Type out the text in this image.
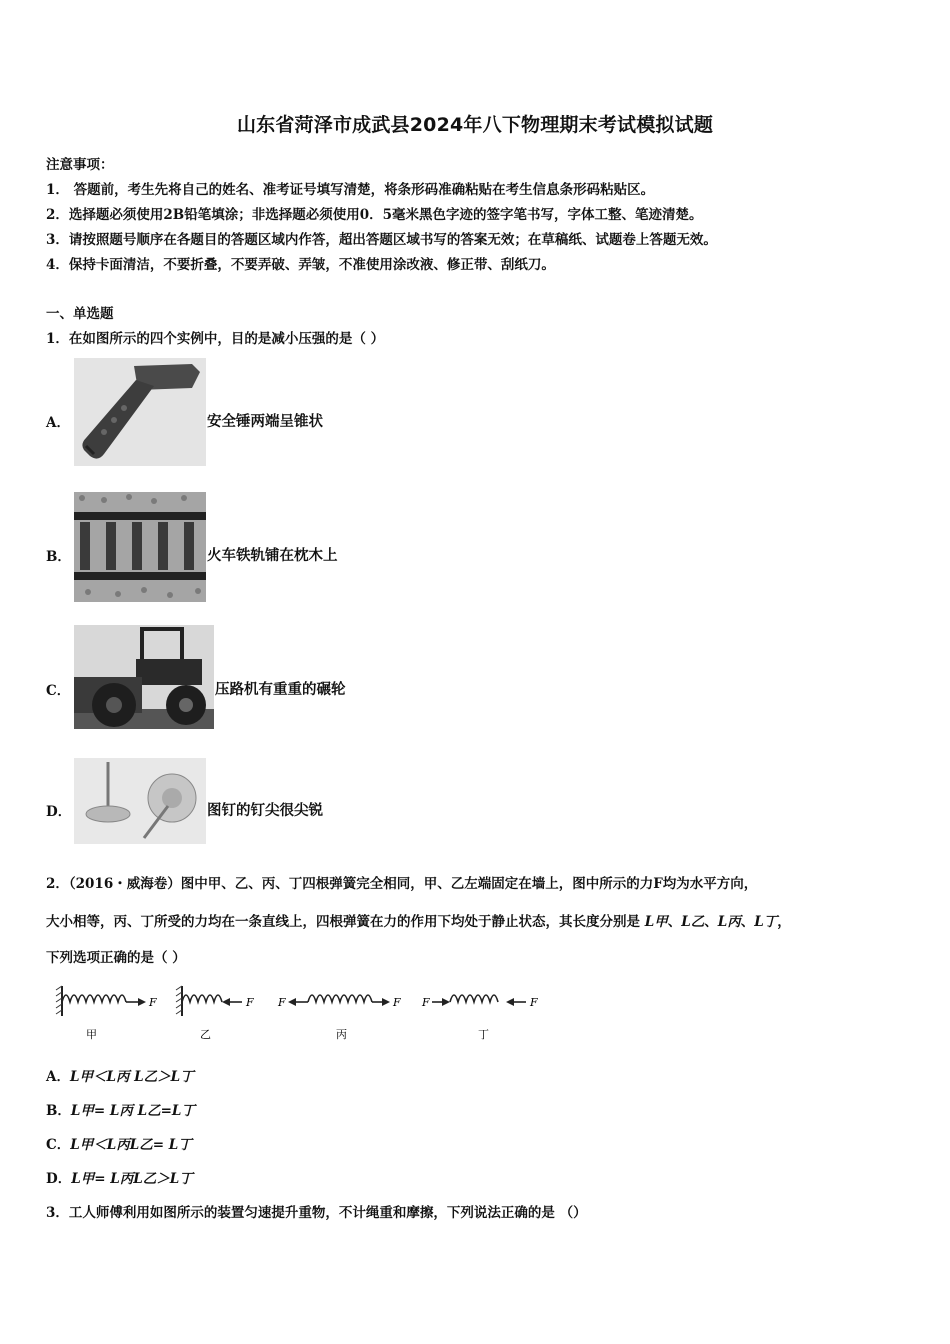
山东省菏泽市成武县2024年八下物理期末考试模拟试题
注意事项：
1． 答题前，考生先将自己的姓名、准考证号填写清楚，将条形码准确粘贴在考生信息条形码粘贴区。
2．选择题必须使用2B铅笔填涂；非选择题必须使用0．5毫米黑色字迹的签字笔书写，字体工整、笔迹清楚。
3．请按照题号顺序在各题目的答题区域内作答，超出答题区域书写的答案无效；在草稿纸、试题卷上答题无效。
4．保持卡面清洁，不要折叠，不要弄破、弄皱，不准使用涂改液、修正带、刮纸刀。
一、单选题
1．在如图所示的四个实例中，目的是减小压强的是（ ）
A．	安全锤两端呈锥状
B．	火车铁轨铺在枕木上
C．	压路机有重重的碾轮
D．	图钉的钉尖很尖锐
2．（2016・威海卷）图中甲、乙、丙、丁四根弹簧完全相同，甲、乙左端固定在墙上，图中所示的力F均为水平方向，
大小相等，丙、丁所受的力均在一条直线上，四根弹簧在力的作用下均处于静止状态，其长度分别是 L甲、L乙、L丙、L丁，
下列选项正确的是（ ）
F
甲
F
乙
F	F
丙
F	F
丁
A．L甲＜L丙 L乙＞L丁
B．L甲= L丙 L乙=L丁
C．L甲＜L丙L乙= L丁
D．L甲= L丙L乙＞L丁
3．工人师傅利用如图所示的装置匀速提升重物，不计绳重和摩擦，下列说法正确的是 （）
